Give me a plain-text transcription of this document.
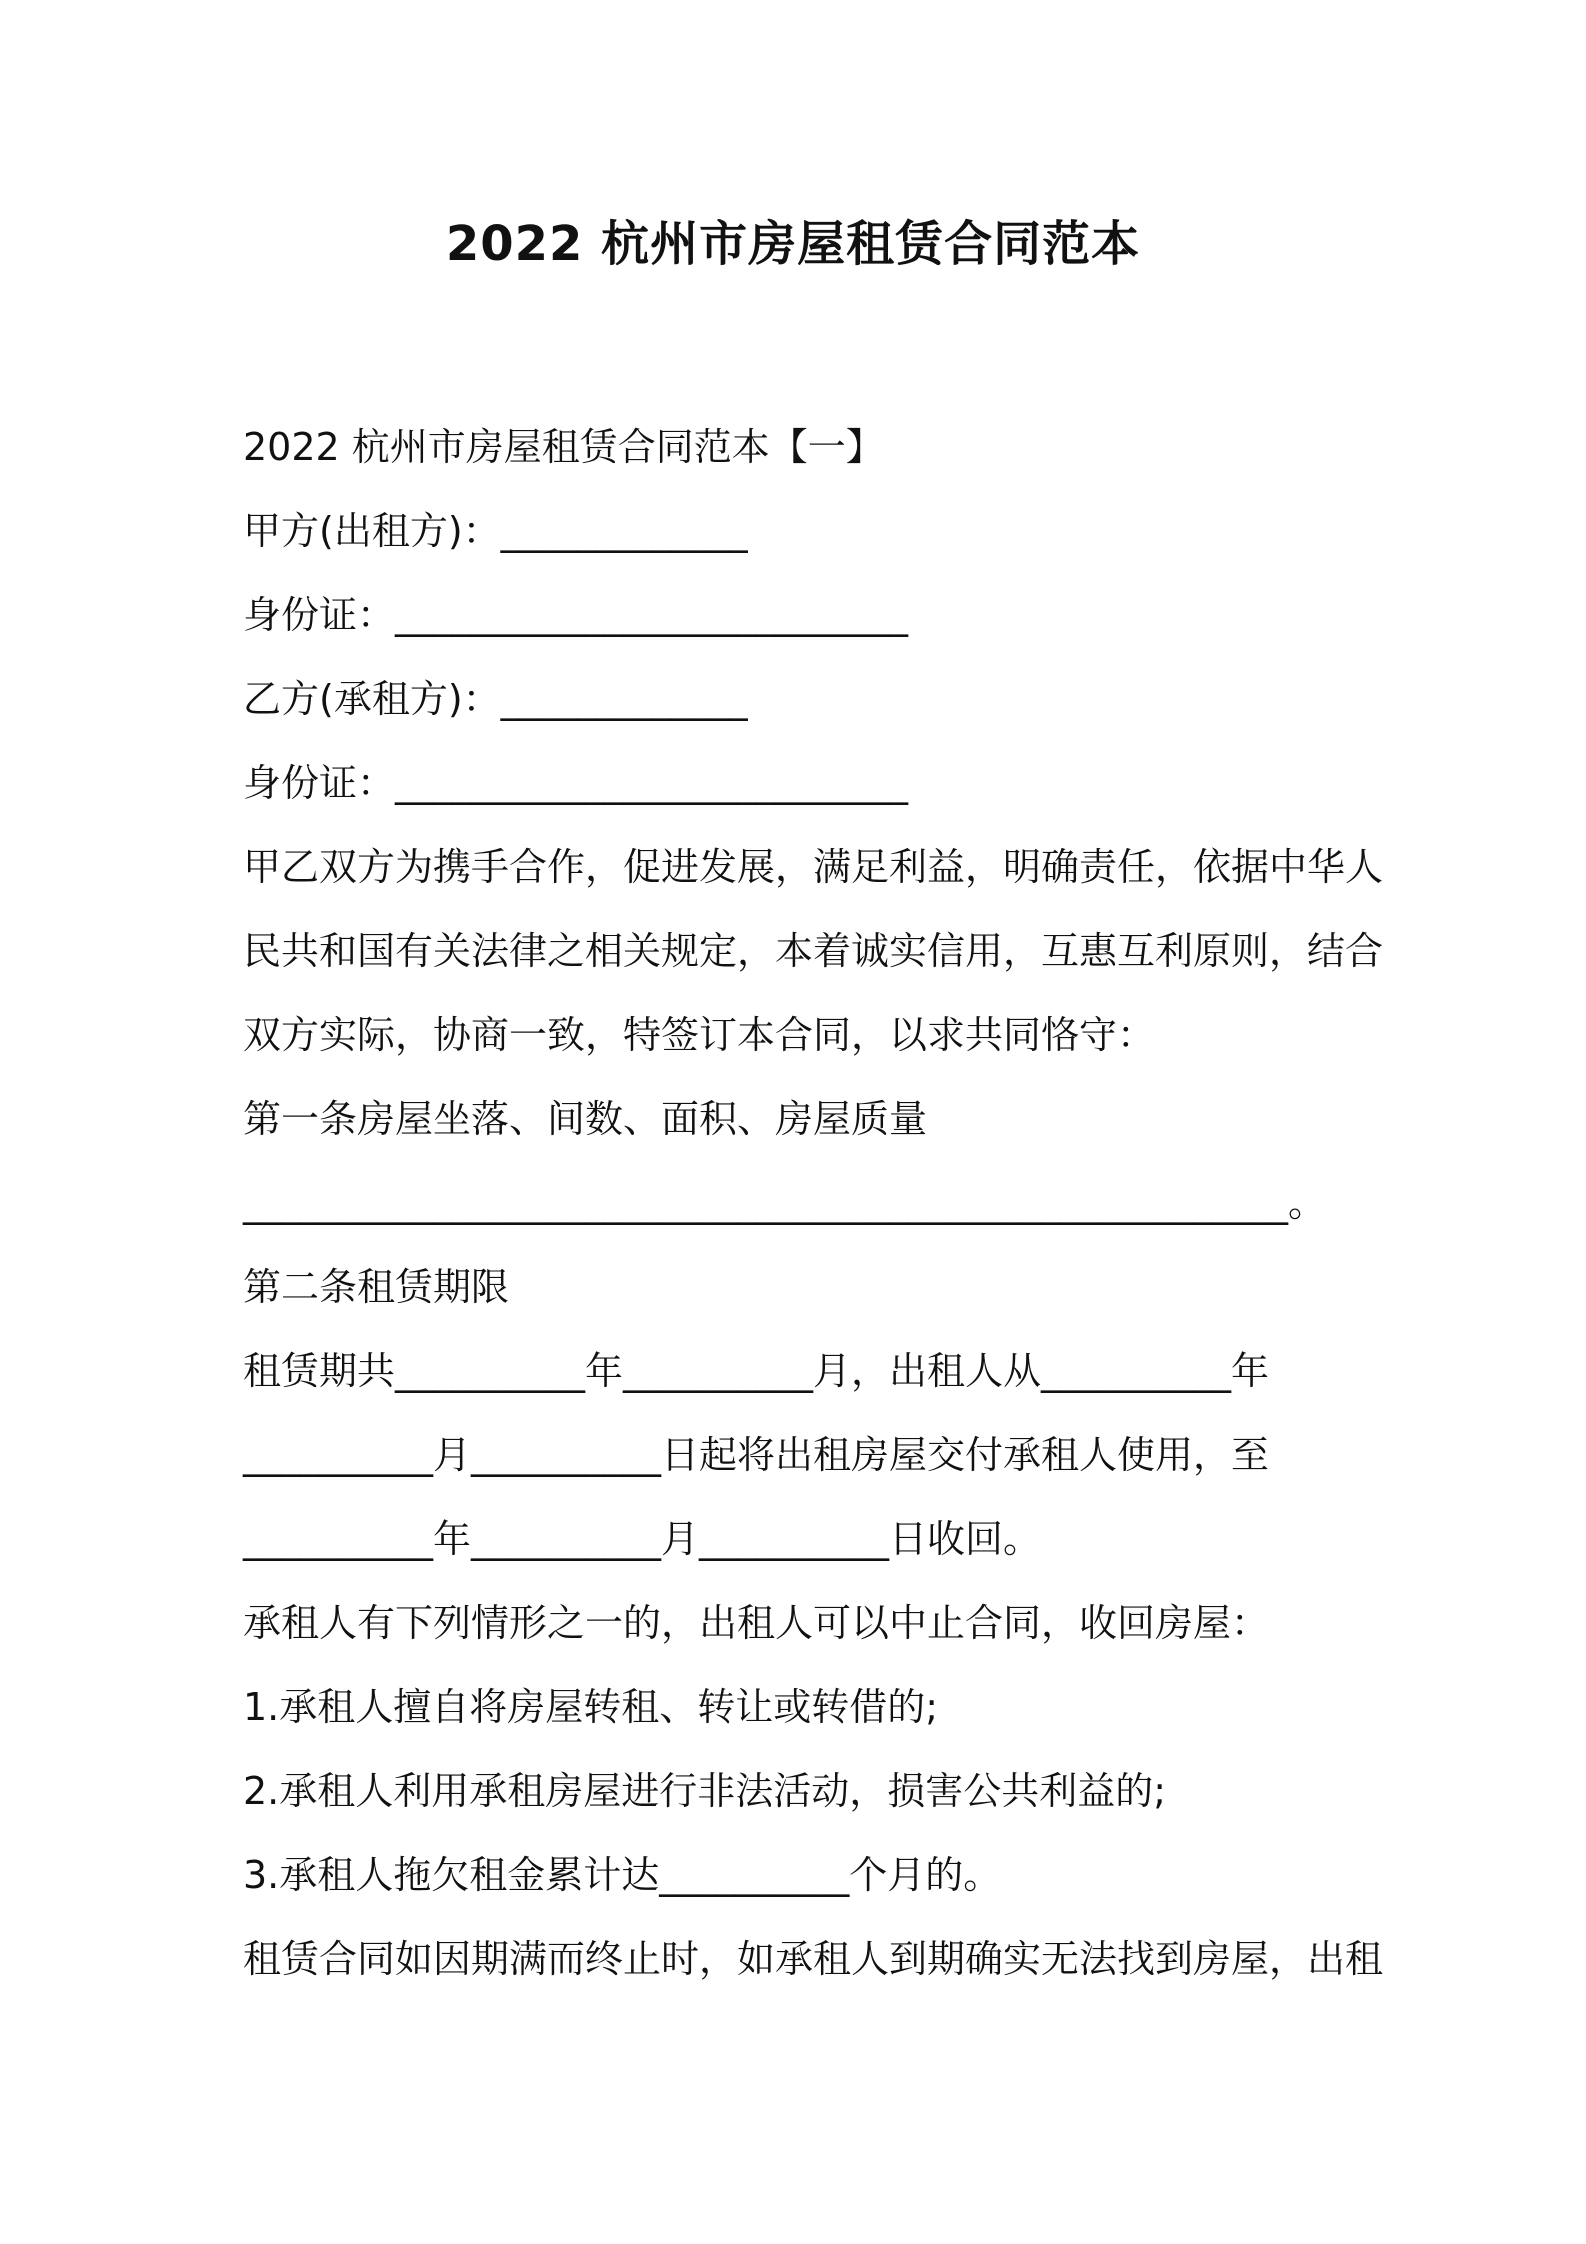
2022 杭州市房屋租赁合同范本
2022 杭州市房屋租赁合同范本【一】
甲方(出租方)：_____________
身份证：___________________________
乙方(承租方)：_____________
身份证：___________________________
甲乙双方为携手合作，促进发展，满足利益，明确责任，依据中华人
民共和国有关法律之相关规定，本着诚实信用，互惠互利原则，结合
双方实际，协商一致，特签订本合同，以求共同恪守：
第一条房屋坐落、间数、面积、房屋质量
_______________________________________________________。
第二条租赁期限
租赁期共__________年__________月，出租人从__________年
__________月__________日起将出租房屋交付承租人使用，至
__________年__________月__________日收回。
承租人有下列情形之一的，出租人可以中止合同，收回房屋：
1.承租人擅自将房屋转租、转让或转借的;
2.承租人利用承租房屋进行非法活动，损害公共利益的;
3.承租人拖欠租金累计达__________个月的。
租赁合同如因期满而终止时，如承租人到期确实无法找到房屋，出租
